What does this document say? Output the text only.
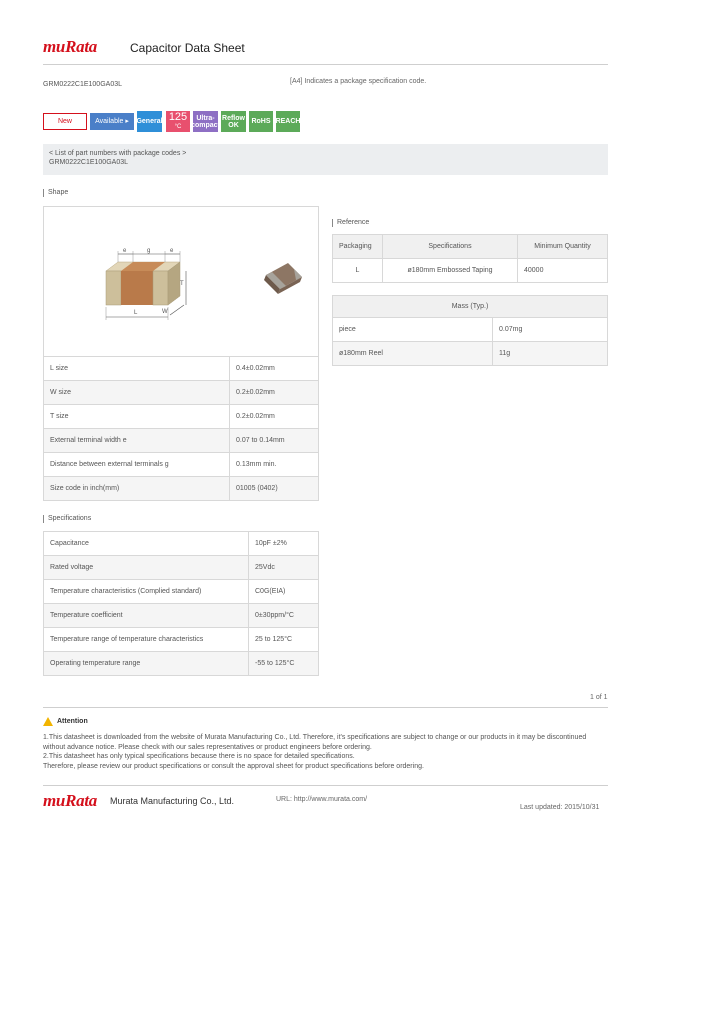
muRata	Capacitor Data Sheet
GRM0222C1E100GA03L	[A4] Indicates a package specification code.
New	Available ▸	General 125
°C
Ultra-
compact
Reflow
OK	RoHS REACH
< List of part numbers with package codes >
GRM0222C1E100GA03L
Shape
e	g	e
T
L	W
L size	0.4±0.02mm
W size	0.2±0.02mm
T size	0.2±0.02mm
External terminal width e	0.07 to 0.14mm
Distance between external terminals g	0.13mm min.
Size code in inch(mm)	01005 (0402)
Reference
Packaging	Specifications	Minimum Quantity
L	ø180mm Embossed Taping	40000
Mass (Typ.)	
piece	0.07mg
ø180mm Reel	11g
Specifications
Capacitance	10pF ±2%
Rated voltage	25Vdc
Temperature characteristics (Complied standard)	C0G(EIA)
Temperature coefficient	0±30ppm/°C
Temperature range of temperature characteristics	25 to 125°C
Operating temperature range	-55 to 125°C
1 of 1
Attention
1.This datasheet is downloaded from the website of Murata Manufacturing Co., Ltd. Therefore, it's specifications are subject to change or our products in it may be discontinued
without advance notice. Please check with our sales representatives or product engineers before ordering.
2.This datasheet has only typical specifications because there is no space for detailed specifications.
Therefore, please review our product specifications or consult the approval sheet for product specifications before ordering.
muRata Murata Manufacturing Co., Ltd.	URL: http://www.murata.com/
Last updated: 2015/10/31
